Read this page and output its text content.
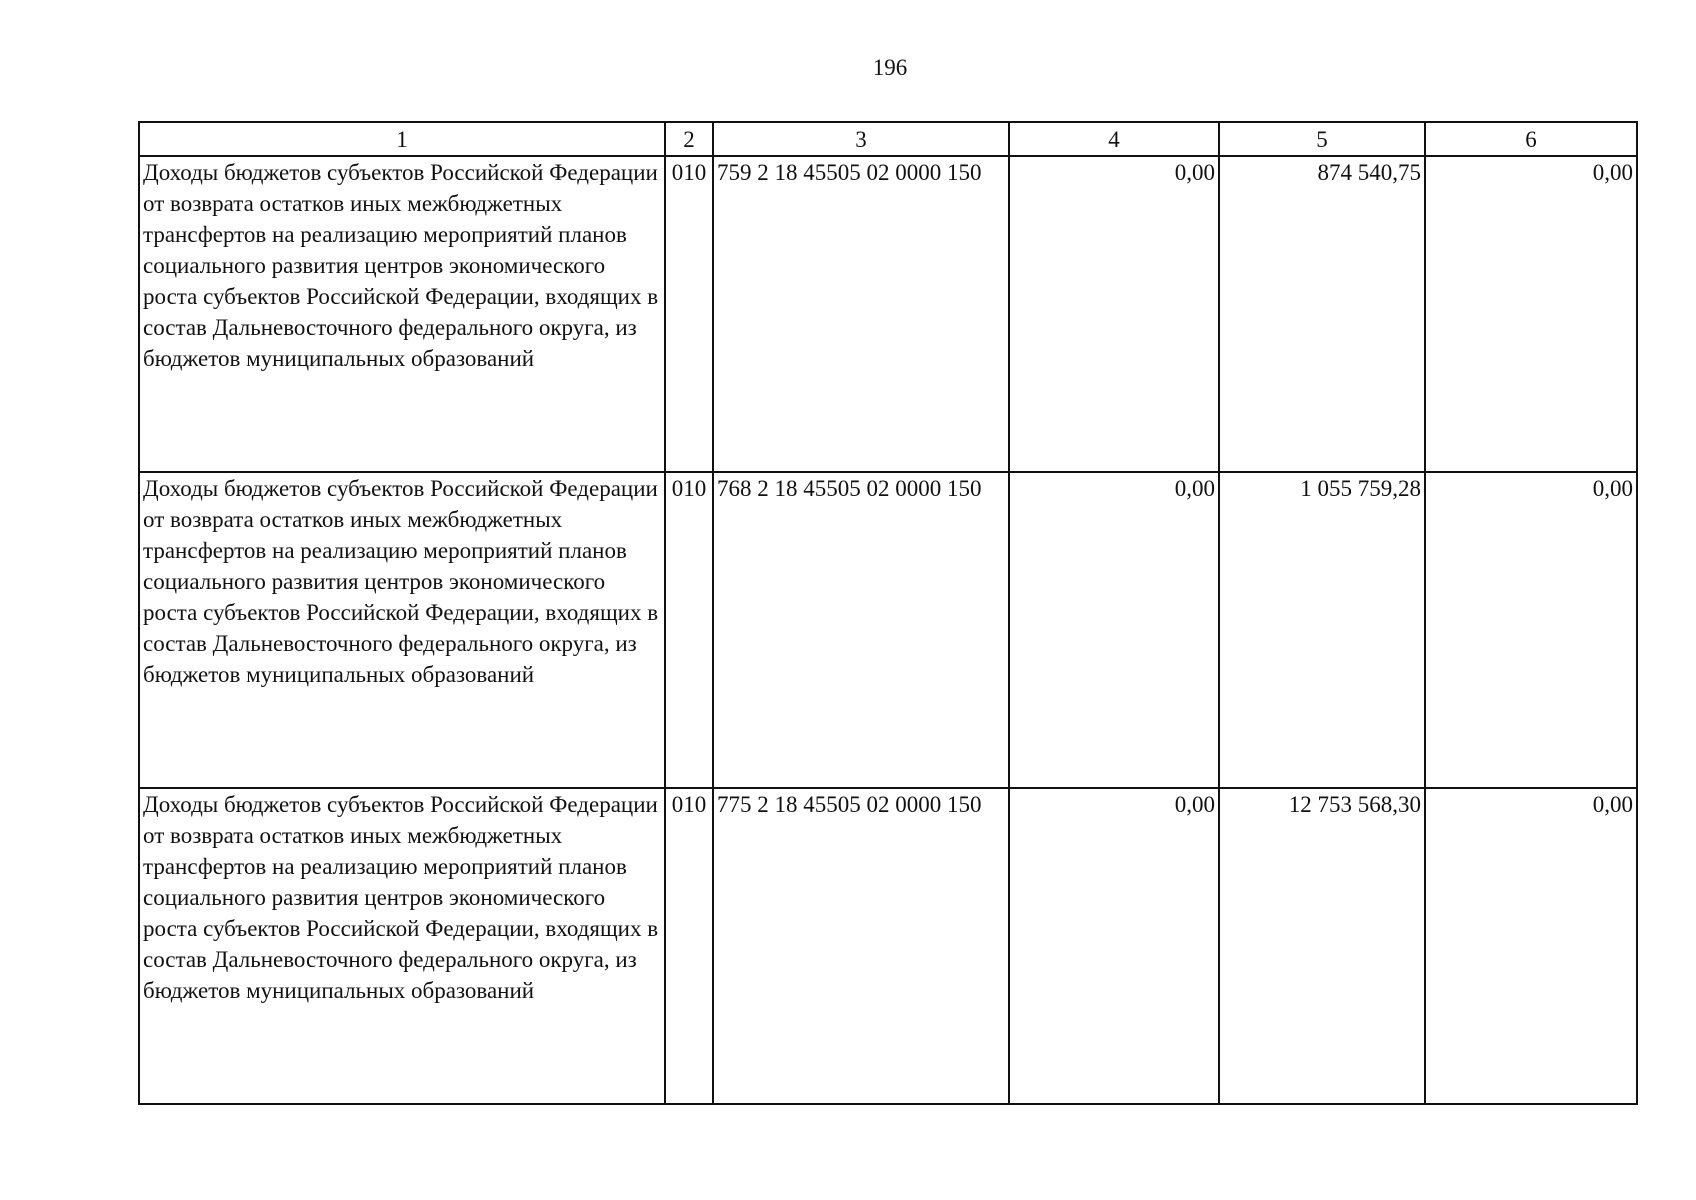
196
1	2	3	4	5	6
Доходы бюджетов субъектов Российской Федерации от возврата остатков иных межбюджетных трансфертов на реализацию мероприятий планов социального развития центров экономического роста субъектов Российской Федерации, входящих в состав Дальневосточного федерального округа, из бюджетов муниципальных образований	010	759 2 18 45505 02 0000 150	0,00	874 540,75	0,00
Доходы бюджетов субъектов Российской Федерации от возврата остатков иных межбюджетных трансфертов на реализацию мероприятий планов социального развития центров экономического роста субъектов Российской Федерации, входящих в состав Дальневосточного федерального округа, из бюджетов муниципальных образований	010	768 2 18 45505 02 0000 150	0,00	1 055 759,28	0,00
Доходы бюджетов субъектов Российской Федерации от возврата остатков иных межбюджетных трансфертов на реализацию мероприятий планов социального развития центров экономического роста субъектов Российской Федерации, входящих в состав Дальневосточного федерального округа, из бюджетов муниципальных образований	010	775 2 18 45505 02 0000 150	0,00	12 753 568,30	0,00
